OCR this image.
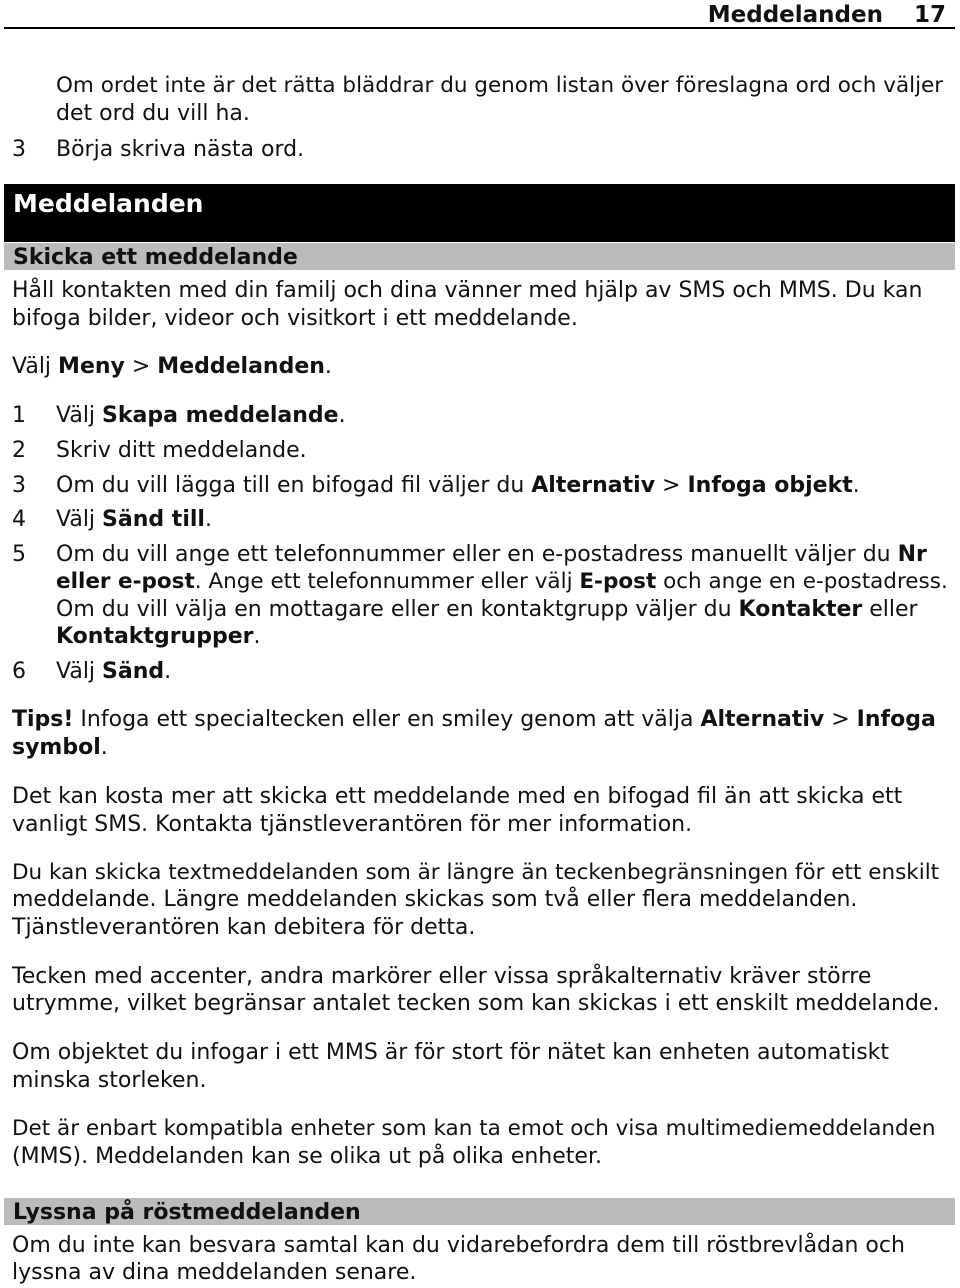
Meddelanden 17

Om ordet inte är det rätta bläddrar du genom listan över föreslagna ord och väljer

det ord du vill ha.

3 Börja skriva nästa ord.

Meddelanden
Skicka ett meddelande

Håll kontakten med din familj och dina vänner med hjälp av SMS och MMS. Du kan

bifoga bilder, videor och visitkort i ett meddelande.

Välj Meny > Meddelanden.

1 Välj Skapa meddelande.

2 Skriv ditt meddelande.

3 Om du vill lägga till en bifogad fil väljer du Alternativ > Infoga objekt.

4 Välj Sänd till.

5 Om du vill ange ett telefonnummer eller en e-postadress manuellt väljer du Nr

eller e-post. Ange ett telefonnummer eller välj E-post och ange en e-postadress.

Om du vill välja en mottagare eller en kontaktgrupp väljer du Kontakter eller

Kontaktgrupper.

6 Välj Sänd.

Tips! Infoga ett specialtecken eller en smiley genom att välja Alternativ > Infoga

symbol.

Det kan kosta mer att skicka ett meddelande med en bifogad fil än att skicka ett

vanligt SMS. Kontakta tjänstleverantören för mer information.

Du kan skicka textmeddelanden som är längre än teckenbegränsningen för ett enskilt

meddelande. Längre meddelanden skickas som två eller flera meddelanden.

Tjänstleverantören kan debitera för detta.

Tecken med accenter, andra markörer eller vissa språkalternativ kräver större

utrymme, vilket begränsar antalet tecken som kan skickas i ett enskilt meddelande.

Om objektet du infogar i ett MMS är för stort för nätet kan enheten automatiskt

minska storleken.

Det är enbart kompatibla enheter som kan ta emot och visa multimediemeddelanden

(MMS). Meddelanden kan se olika ut på olika enheter.

Lyssna på röstmeddelanden

Om du inte kan besvara samtal kan du vidarebefordra dem till röstbrevlådan och

lyssna av dina meddelanden senare.
